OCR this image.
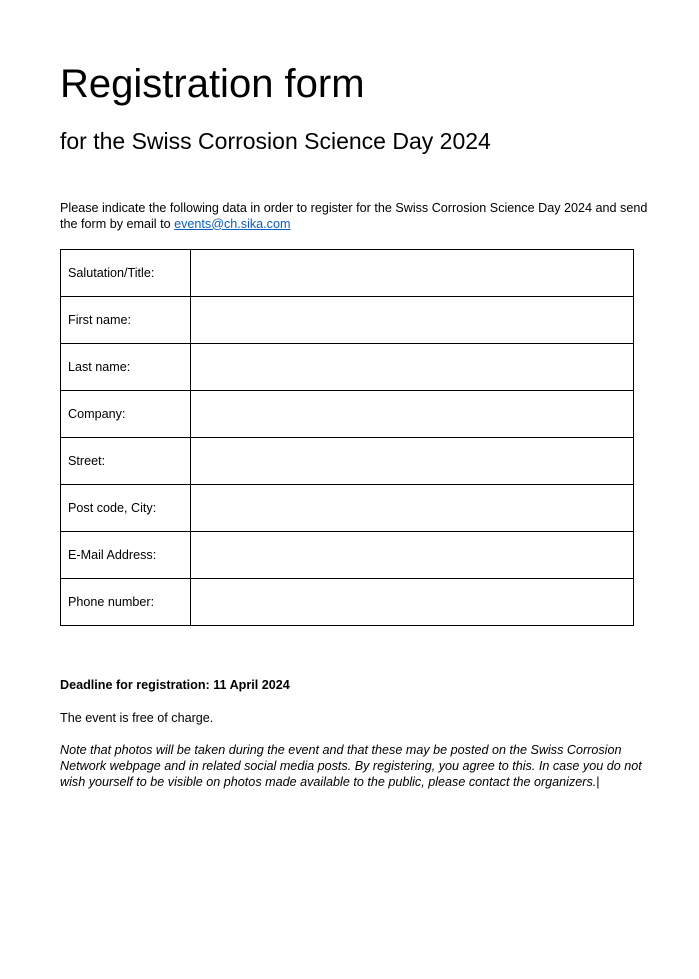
Registration form
for the Swiss Corrosion Science Day 2024

Please indicate the following data in order to register for the Swiss Corrosion Science Day 2024 and send the form by email to events@ch.sika.com

Salutation/Title:	
First name:	
Last name:	
Company:	
Street:	
Post code, City:	
E-Mail Address:	
Phone number:	

Deadline for registration: 11 April 2024

The event is free of charge.

Note that photos will be taken during the event and that these may be posted on the Swiss Corrosion Network webpage and in related social media posts. By registering, you agree to this. In case you do not wish yourself to be visible on photos made available to the public, please contact the organizers.|
